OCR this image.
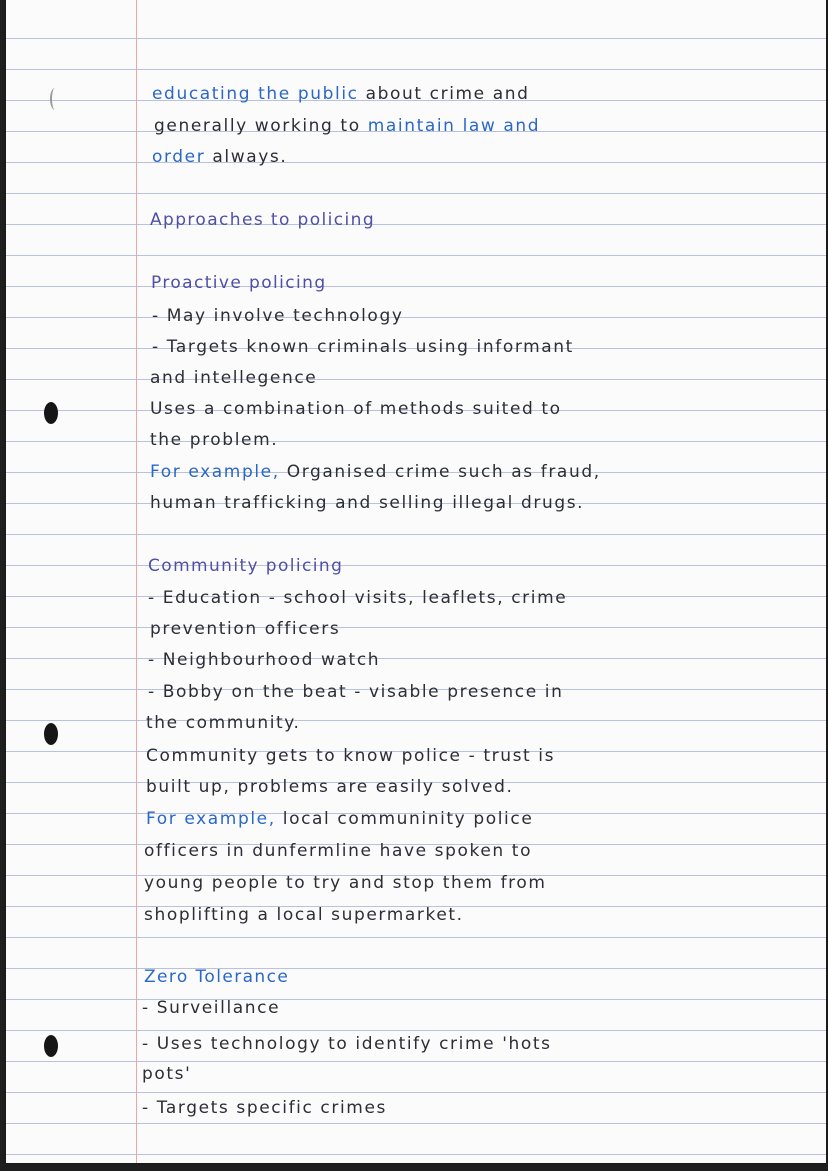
educating the public about crime and
generally working to maintain law and
order always.
Approaches to policing
Proactive policing
- May involve technology
- Targets known criminals using informant
and intellegence
Uses a combination of methods suited to
the problem.
For example, Organised crime such as fraud,
human trafficking and selling illegal drugs.
Community policing
- Education - school visits, leaflets, crime
prevention officers
- Neighbourhood watch
- Bobby on the beat - visable presence in
the community.
Community gets to know police - trust is
built up, problems are easily solved.
For example, local communinity police
officers in dunfermline have spoken to
young people to try and stop them from
shoplifting a local supermarket.
Zero Tolerance
- Surveillance
- Uses technology to identify crime 'hots
pots'
- Targets specific crimes
